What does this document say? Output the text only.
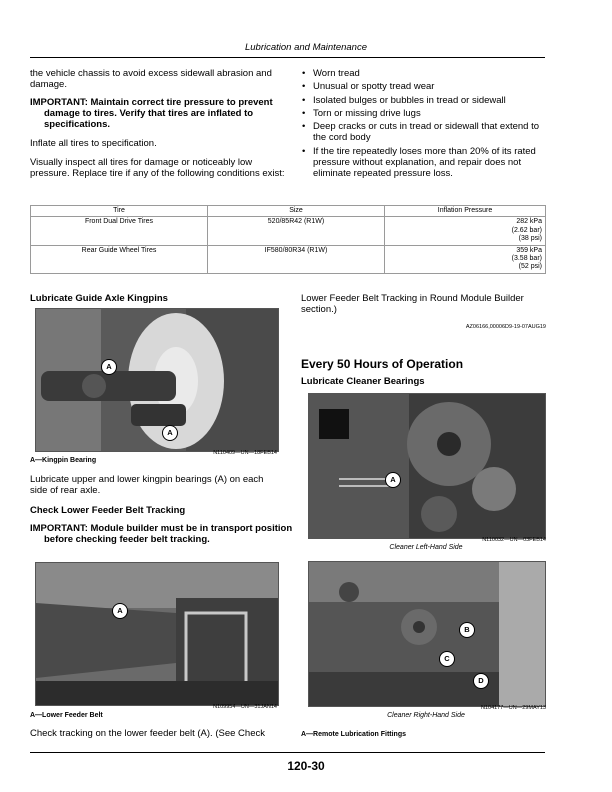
Lubrication and Maintenance

the vehicle chassis to avoid excess sidewall abrasion and damage.

IMPORTANT: Maintain correct tire pressure to prevent damage to tires. Verify that tires are inflated to specifications.

Inflate all tires to specification.

Visually inspect all tires for damage or noticeably low pressure. Replace tire if any of the following conditions exist:

• Worn tread
• Unusual or spotty tread wear
• Isolated bulges or bubbles in tread or sidewall
• Torn or missing drive lugs
• Deep cracks or cuts in tread or sidewall that extend to the cord body
• If the tire repeatedly loses more than 20% of its rated pressure without explanation, and repair does not eliminate repeated pressure loss.
Tire	Size	Inflation Pressure
Front Dual Drive Tires	520/85R42 (R1W)	282 kPa
(2.62 bar)
(38 psi)

Rear Guide Wheel Tires	IF580/80R34 (R1W)	359 kPa
(3.58 bar)
(52 psi)
Lubricate Guide Axle Kingpins
A
A
N110409—UN—18FEB14
A—Kingpin Bearing

Lubricate upper and lower kingpin bearings (A) on each side of rear axle.

Check Lower Feeder Belt Tracking

IMPORTANT: Module builder must be in transport position before checking feeder belt tracking.

A
N109954—UN—31JAN14
A—Lower Feeder Belt

Check tracking on the lower feeder belt (A). (See Check

Lower Feeder Belt Tracking in Round Module Builder section.)

AZ06166,00006D9-19-07AUG19
Every 50 Hours of Operation
Lubricate Cleaner Bearings
A
N110032—UN—03FEB14
Cleaner Left-Hand Side
B
C
D
N104177—UN—29MAY13
Cleaner Right-Hand Side
A—Remote Lubrication Fittings
120-30
